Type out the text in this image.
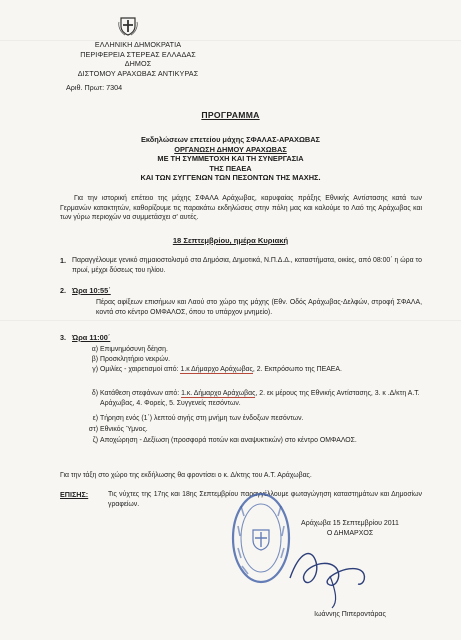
ΕΛΛΗΝΙΚΗ ΔΗΜΟΚΡΑΤΙΑ
ΠΕΡΙΦΕΡΕΙΑ ΣΤΕΡΕΑΣ ΕΛΛΑΔΑΣ
ΔΗΜΟΣ
ΔΙΣΤΟΜΟΥ ΑΡΑΧΩΒΑΣ ΑΝΤΙΚΥΡΑΣ
Αριθ. Πρωτ: 7304
ΠΡΟΓΡΑΜΜΑ
Εκδηλώσεων επετείου μάχης ΣΦΑΛΑΣ-ΑΡΑΧΩΒΑΣ
ΟΡΓΑΝΩΣΗ ΔΗΜΟΥ ΑΡΑΧΩΒΑΣ
ΜΕ ΤΗ ΣΥΜΜΕΤΟΧΗ ΚΑΙ ΤΗ ΣΥΝΕΡΓΑΣΙΑ
ΤΗΣ ΠΕΑΕΑ
ΚΑΙ ΤΩΝ ΣΥΓΓΕΝΩΝ ΤΩΝ ΠΕΣΟΝΤΩΝ ΤΗΣ ΜΑΧΗΣ.
Για την ιστορική επέτειο της μάχης ΣΦΑΛΑ Αράχωβας, καρυφαίας πράξης Εθνικής Αντίστασης κατά των Γερμανών κατακτητών, καθορίζουμε τις παρακάτω εκδηλώσεις στην πόλη μας και καλούμε το Λαό της Αράχωβας και των γύρω περιοχών να συμμετάσχει σ' αυτές.
18 Σεπτεμβρίου, ημέρα Κυριακή
1. Παραγγέλουμε γενικό σημαιοστολισμό στα Δημόσια, Δημοτικά, Ν.Π.Δ.Δ., καταστήματα, οικίες, από 08:00΄ η ώρα το πρωί, μέχρι δύσεως του ηλίου.
2. Ώρα 10:55΄
Πέρας αφίξεων επισήμων και Λαού στο χώρο της μάχης (Εθν. Οδός Αράχωβας-Δελφών, στροφή ΣΦΑΛΑ, κοντά στο κέντρο ΟΜΦΑΛΟΣ, όπου το υπάρχον μνημείο).
3. Ώρα 11:00΄
α) Επιμνημόσυνη δέηση.
β) Προσκλητήριο νεκρών.
γ) Ομιλίες - χαιρετισμοί από: 1.κ Δήμαρχο Αράχωβας, 2. Εκπρόσωπο της ΠΕΑΕΑ.
δ) Κατάθεση στεφάνων από: 1.κ. Δήμαρχο Αράχωβας, 2. εκ μέρους της Εθνικής Αντίστασης, 3. κ .Δ/κτη Α.Τ. Αράχωβας, 4. Φορείς, 5. Συγγενείς πεσόντων.
ε) Τήρηση ενός (1΄) λεπτού σιγής στη μνήμη των ένδοξων πεσόντων.
στ) Εθνικός Ύμνος.
ζ) Αποχώρηση - Δεξίωση (προσφορά ποτών και αναψυκτικών) στο κέντρο ΟΜΦΑΛΟΣ.
Για την τάξη στο χώρο της εκδήλωσης θα φροντίσει ο κ. Δ/κτης του Α.Τ. Αράχωβας.
ΕΠΙΣΗΣ:	Τις νύχτες της 17ης και 18ης Σεπτεμβρίου παραγγέλλουμε φωταγώγηση καταστημάτων και Δημοσίων γραφείων.
Αράχωβα 15 Σεπτεμβρίου 2011
Ο ΔΗΜΑΡΧΟΣ
Ιωάννης Πιπεροντάρας
